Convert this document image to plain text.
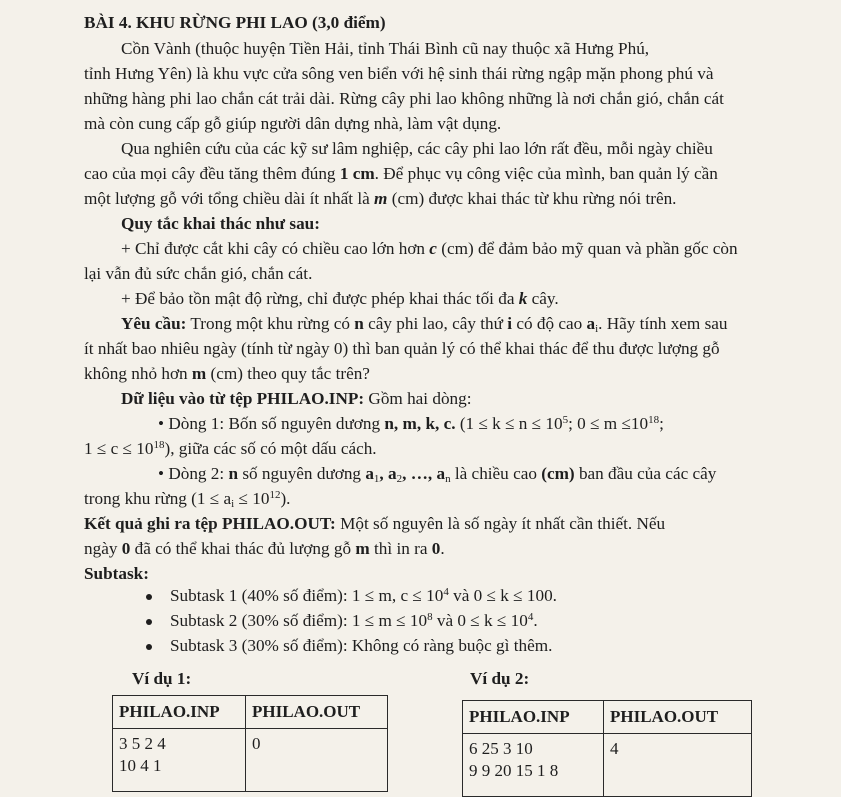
BÀI 4. KHU RỪNG PHI LAO (3,0 điểm)
Cồn Vành (thuộc huyện Tiền Hải, tỉnh Thái Bình cũ nay thuộc xã Hưng Phú,
tỉnh Hưng Yên) là khu vực cửa sông ven biển với hệ sinh thái rừng ngập mặn phong phú và
những hàng phi lao chắn cát trải dài. Rừng cây phi lao không những là nơi chắn gió, chắn cát
mà còn cung cấp gỗ giúp người dân dựng nhà, làm vật dụng.
Qua nghiên cứu của các kỹ sư lâm nghiệp, các cây phi lao lớn rất đều, mỗi ngày chiều
cao của mọi cây đều tăng thêm đúng 1 cm. Để phục vụ công việc của mình, ban quản lý cần
một lượng gỗ với tổng chiều dài ít nhất là m (cm) được khai thác từ khu rừng nói trên.
Quy tắc khai thác như sau:
+ Chỉ được cắt khi cây có chiều cao lớn hơn c (cm) để đảm bảo mỹ quan và phần gốc còn
lại vẫn đủ sức chắn gió, chắn cát.
+ Để bảo tồn mật độ rừng, chỉ được phép khai thác tối đa k cây.
Yêu cầu: Trong một khu rừng có n cây phi lao, cây thứ i có độ cao $a_i$. Hãy tính xem sau
ít nhất bao nhiêu ngày (tính từ ngày 0) thì ban quản lý có thể khai thác để thu được lượng gỗ
không nhỏ hơn m (cm) theo quy tắc trên?
Dữ liệu vào từ tệp PHILAO.INP: Gồm hai dòng:
• Dòng 1: Bốn số nguyên dương n, m, k, c. ($1 \le k \le n \le 10^5$; $0 \le m \le 10^{18}$;
$1 \le c \le 10^{18}$), giữa các số có một dấu cách.
• Dòng 2: n số nguyên dương $a_1$, $a_2$, …, $a_n$ là chiều cao (cm) ban đầu của các cây
trong khu rừng $(1 \le a_i \le 10^{12})$.
Kết quả ghi ra tệp PHILAO.OUT: Một số nguyên là số ngày ít nhất cần thiết. Nếu
ngày 0 đã có thể khai thác đủ lượng gỗ m thì in ra 0.
Subtask:
Subtask 1 (40% số điểm): 1 ≤ m, $c \le 10^4$ và 0 ≤ k ≤ 100.
Subtask 2 (30% số điểm): $1 \le m \le 10^8$ và $0 \le k \le 10^4$.
Subtask 3 (30% số điểm): Không có ràng buộc gì thêm.
Ví dụ 1:	Ví dụ 2:
PHILAO.INP	PHILAO.OUT

3 5 2 4
10 4 1	0
PHILAO.INP	PHILAO.OUT

6 25 3 10
9 9 20 15 1 8	4
